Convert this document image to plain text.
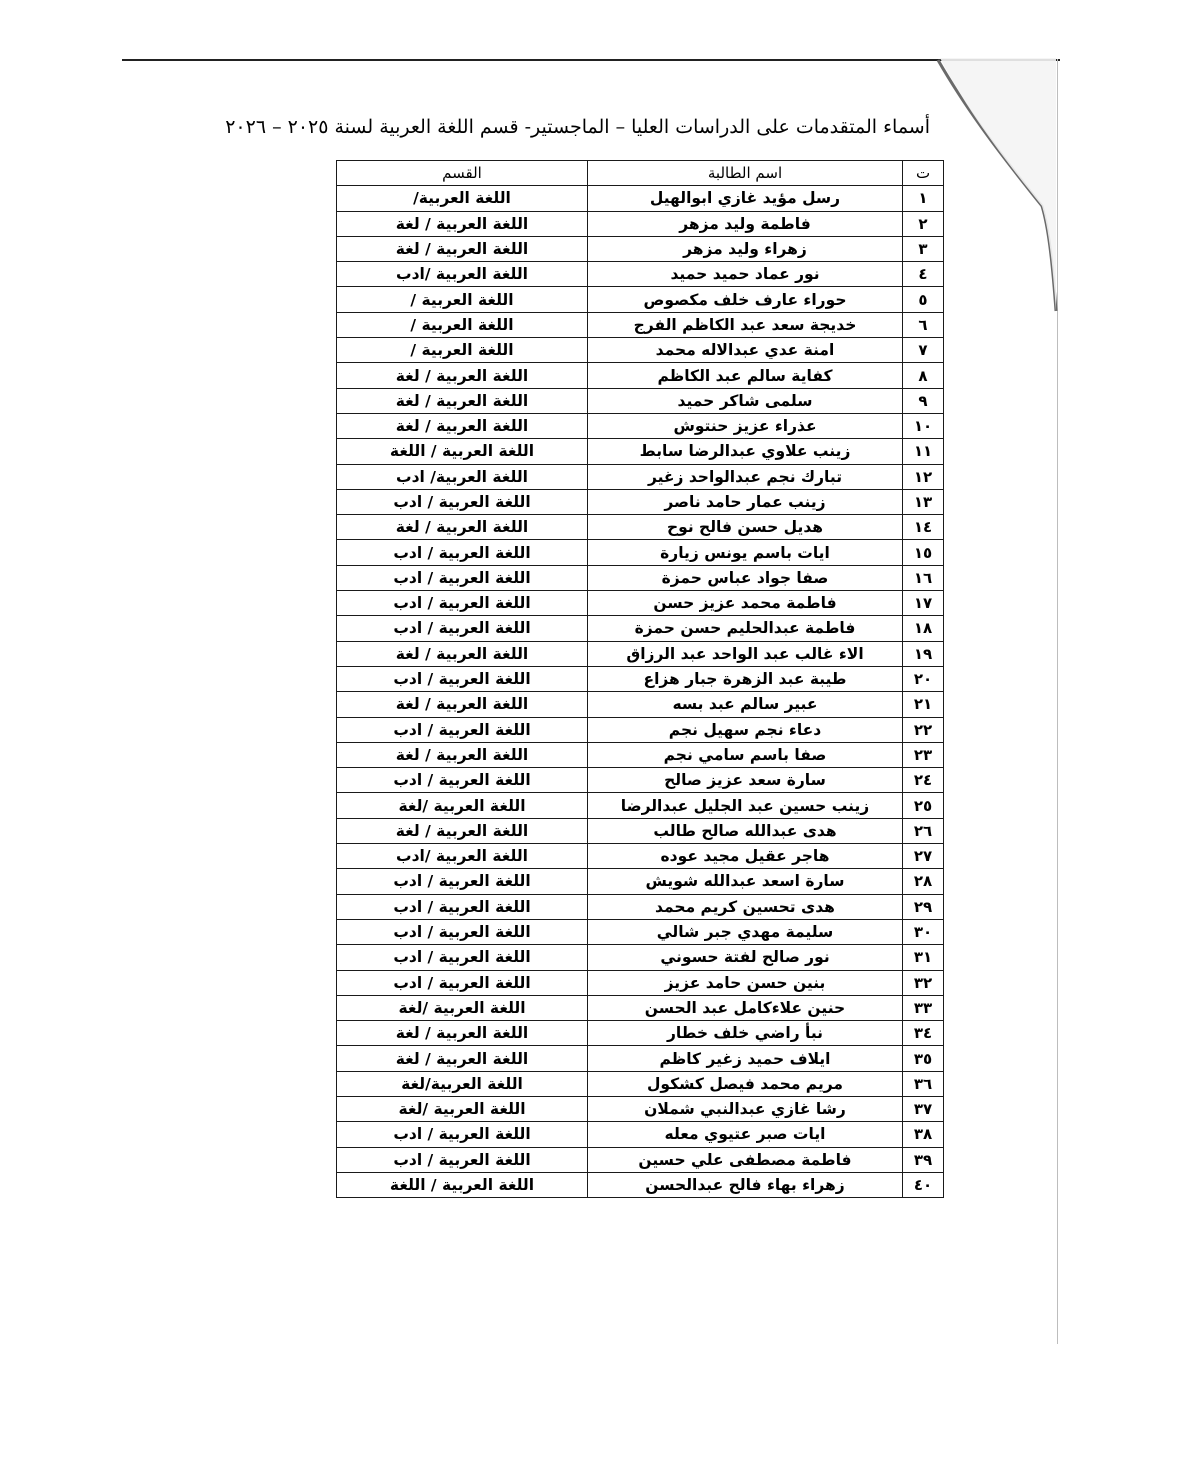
أسماء المتقدمات على الدراسات العليا – الماجستير- قسم اللغة العربية لسنة ٢٠٢٥ – ٢٠٢٦
ت	اسم الطالبة	القسم
١	رسل مؤيد غازي ابوالهيل	اللغة العربية/
٢	فاطمة وليد مزهر	اللغة العربية / لغة
٣	زهراء وليد مزهر	اللغة العربية / لغة
٤	نور عماد حميد حميد	اللغة العربية /ادب
٥	حوراء عارف خلف مكصوص	اللغة العربية /
٦	خديجة سعد عبد الكاظم الفرج	اللغة العربية /
٧	امنة عدي عبدالاله محمد	اللغة العربية /
٨	كفاية سالم عبد الكاظم	اللغة العربية / لغة
٩	سلمى شاكر حميد	اللغة العربية / لغة
١٠	عذراء عزيز حنتوش	اللغة العربية / لغة
١١	زينب علاوي عبدالرضا سابط	اللغة العربية / اللغة
١٢	تبارك نجم عبدالواحد زغير	اللغة العربية/ ادب
١٣	زينب عمار حامد ناصر	اللغة العربية / ادب
١٤	هديل حسن فالح نوح	اللغة العربية / لغة
١٥	ايات باسم يونس زيارة	اللغة العربية / ادب
١٦	صفا جواد عباس حمزة	اللغة العربية / ادب
١٧	فاطمة محمد عزيز حسن	اللغة العربية / ادب
١٨	فاطمة عبدالحليم حسن حمزة	اللغة العربية / ادب
١٩	الاء غالب عبد الواحد عبد الرزاق	اللغة العربية / لغة
٢٠	طيبة عبد الزهرة جبار هزاع	اللغة العربية / ادب
٢١	عبير سالم عبد بسه	اللغة العربية / لغة
٢٢	دعاء نجم سهيل نجم	اللغة العربية / ادب
٢٣	صفا باسم سامي نجم	اللغة العربية / لغة
٢٤	سارة سعد عزيز صالح	اللغة العربية / ادب
٢٥	زينب حسين عبد الجليل عبدالرضا	اللغة العربية /لغة
٢٦	هدى عبدالله صالح طالب	اللغة العربية / لغة
٢٧	هاجر عقيل مجيد عوده	اللغة العربية /ادب
٢٨	سارة اسعد عبدالله شويش	اللغة العربية / ادب
٢٩	هدى تحسين كريم محمد	اللغة العربية / ادب
٣٠	سليمة مهدي جبر شالي	اللغة العربية / ادب
٣١	نور صالح لفتة حسوني	اللغة العربية / ادب
٣٢	بنين حسن حامد عزيز	اللغة العربية / ادب
٣٣	حنين علاءكامل عبد الحسن	اللغة العربية /لغة
٣٤	نبأ راضي خلف خطار	اللغة العربية / لغة
٣٥	ايلاف حميد زغير كاظم	اللغة العربية / لغة
٣٦	مريم محمد فيصل كشكول	اللغة العربية/لغة
٣٧	رشا غازي عبدالنبي شملان	اللغة العربية /لغة
٣٨	ايات صبر عتيوي معله	اللغة العربية / ادب
٣٩	فاطمة مصطفى علي حسين	اللغة العربية / ادب
٤٠	زهراء بهاء فالح عبدالحسن	اللغة العربية / اللغة
